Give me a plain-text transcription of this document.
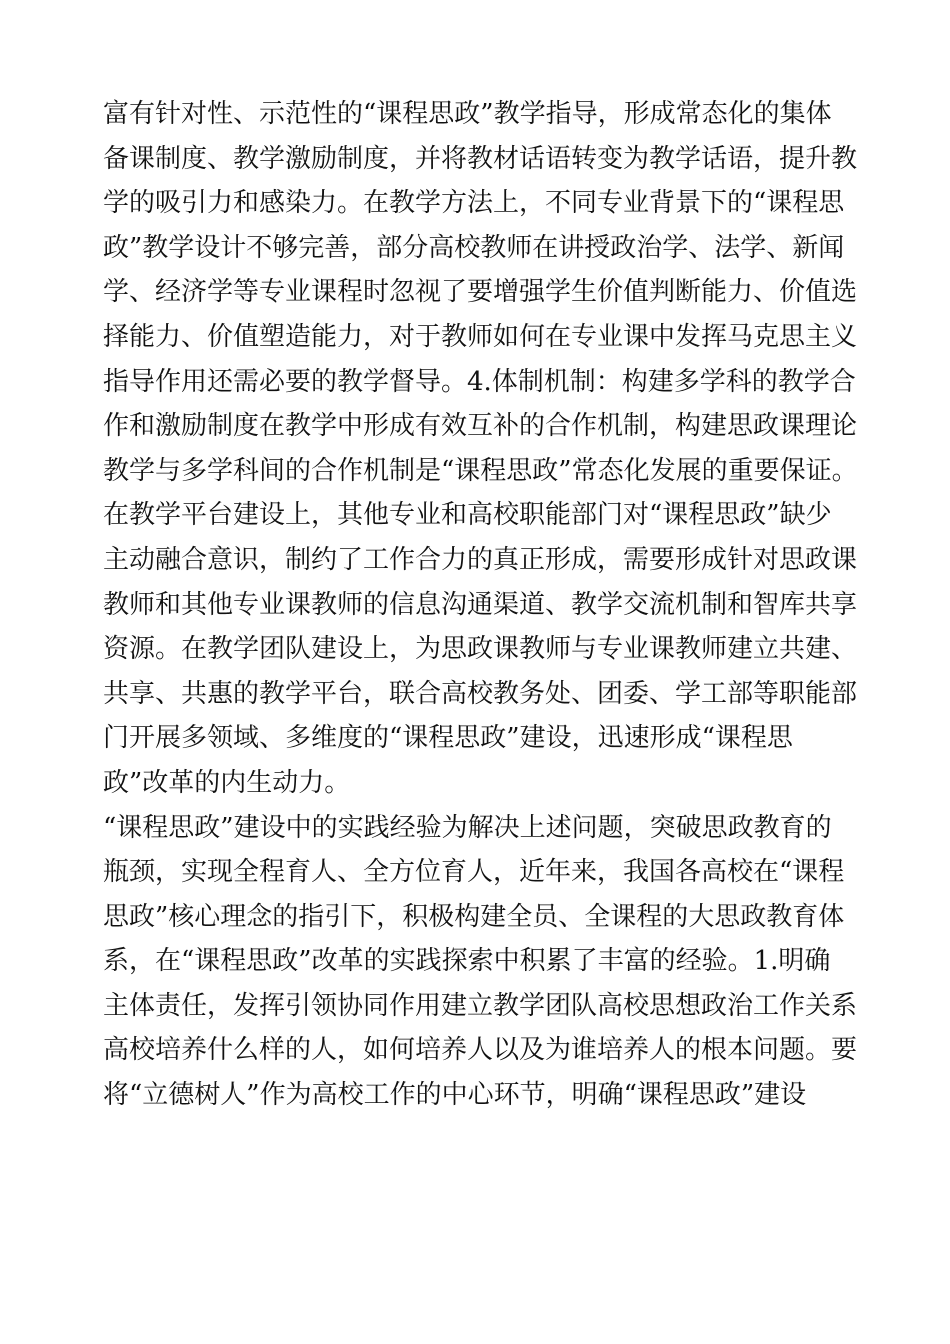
富有针对性、示范性的“课程思政”教学指导，形成常态化的集体
备课制度、教学激励制度，并将教材话语转变为教学话语，提升教
学的吸引力和感染力。在教学方法上，不同专业背景下的“课程思
政”教学设计不够完善，部分高校教师在讲授政治学、法学、新闻
学、经济学等专业课程时忽视了要增强学生价值判断能力、价值选
择能力、价值塑造能力，对于教师如何在专业课中发挥马克思主义
指导作用还需必要的教学督导。4.体制机制：构建多学科的教学合
作和激励制度在教学中形成有效互补的合作机制，构建思政课理论
教学与多学科间的合作机制是“课程思政”常态化发展的重要保证。
在教学平台建设上，其他专业和高校职能部门对“课程思政”缺少
主动融合意识，制约了工作合力的真正形成，需要形成针对思政课
教师和其他专业课教师的信息沟通渠道、教学交流机制和智库共享
资源。在教学团队建设上，为思政课教师与专业课教师建立共建、
共享、共惠的教学平台，联合高校教务处、团委、学工部等职能部
门开展多领域、多维度的“课程思政”建设，迅速形成“课程思
政”改革的内生动力。
“课程思政”建设中的实践经验为解决上述问题，突破思政教育的
瓶颈，实现全程育人、全方位育人，近年来，我国各高校在“课程
思政”核心理念的指引下，积极构建全员、全课程的大思政教育体
系，在“课程思政”改革的实践探索中积累了丰富的经验。1.明确
主体责任，发挥引领协同作用建立教学团队高校思想政治工作关系
高校培养什么样的人，如何培养人以及为谁培养人的根本问题。要
将“立德树人”作为高校工作的中心环节，明确“课程思政”建设
